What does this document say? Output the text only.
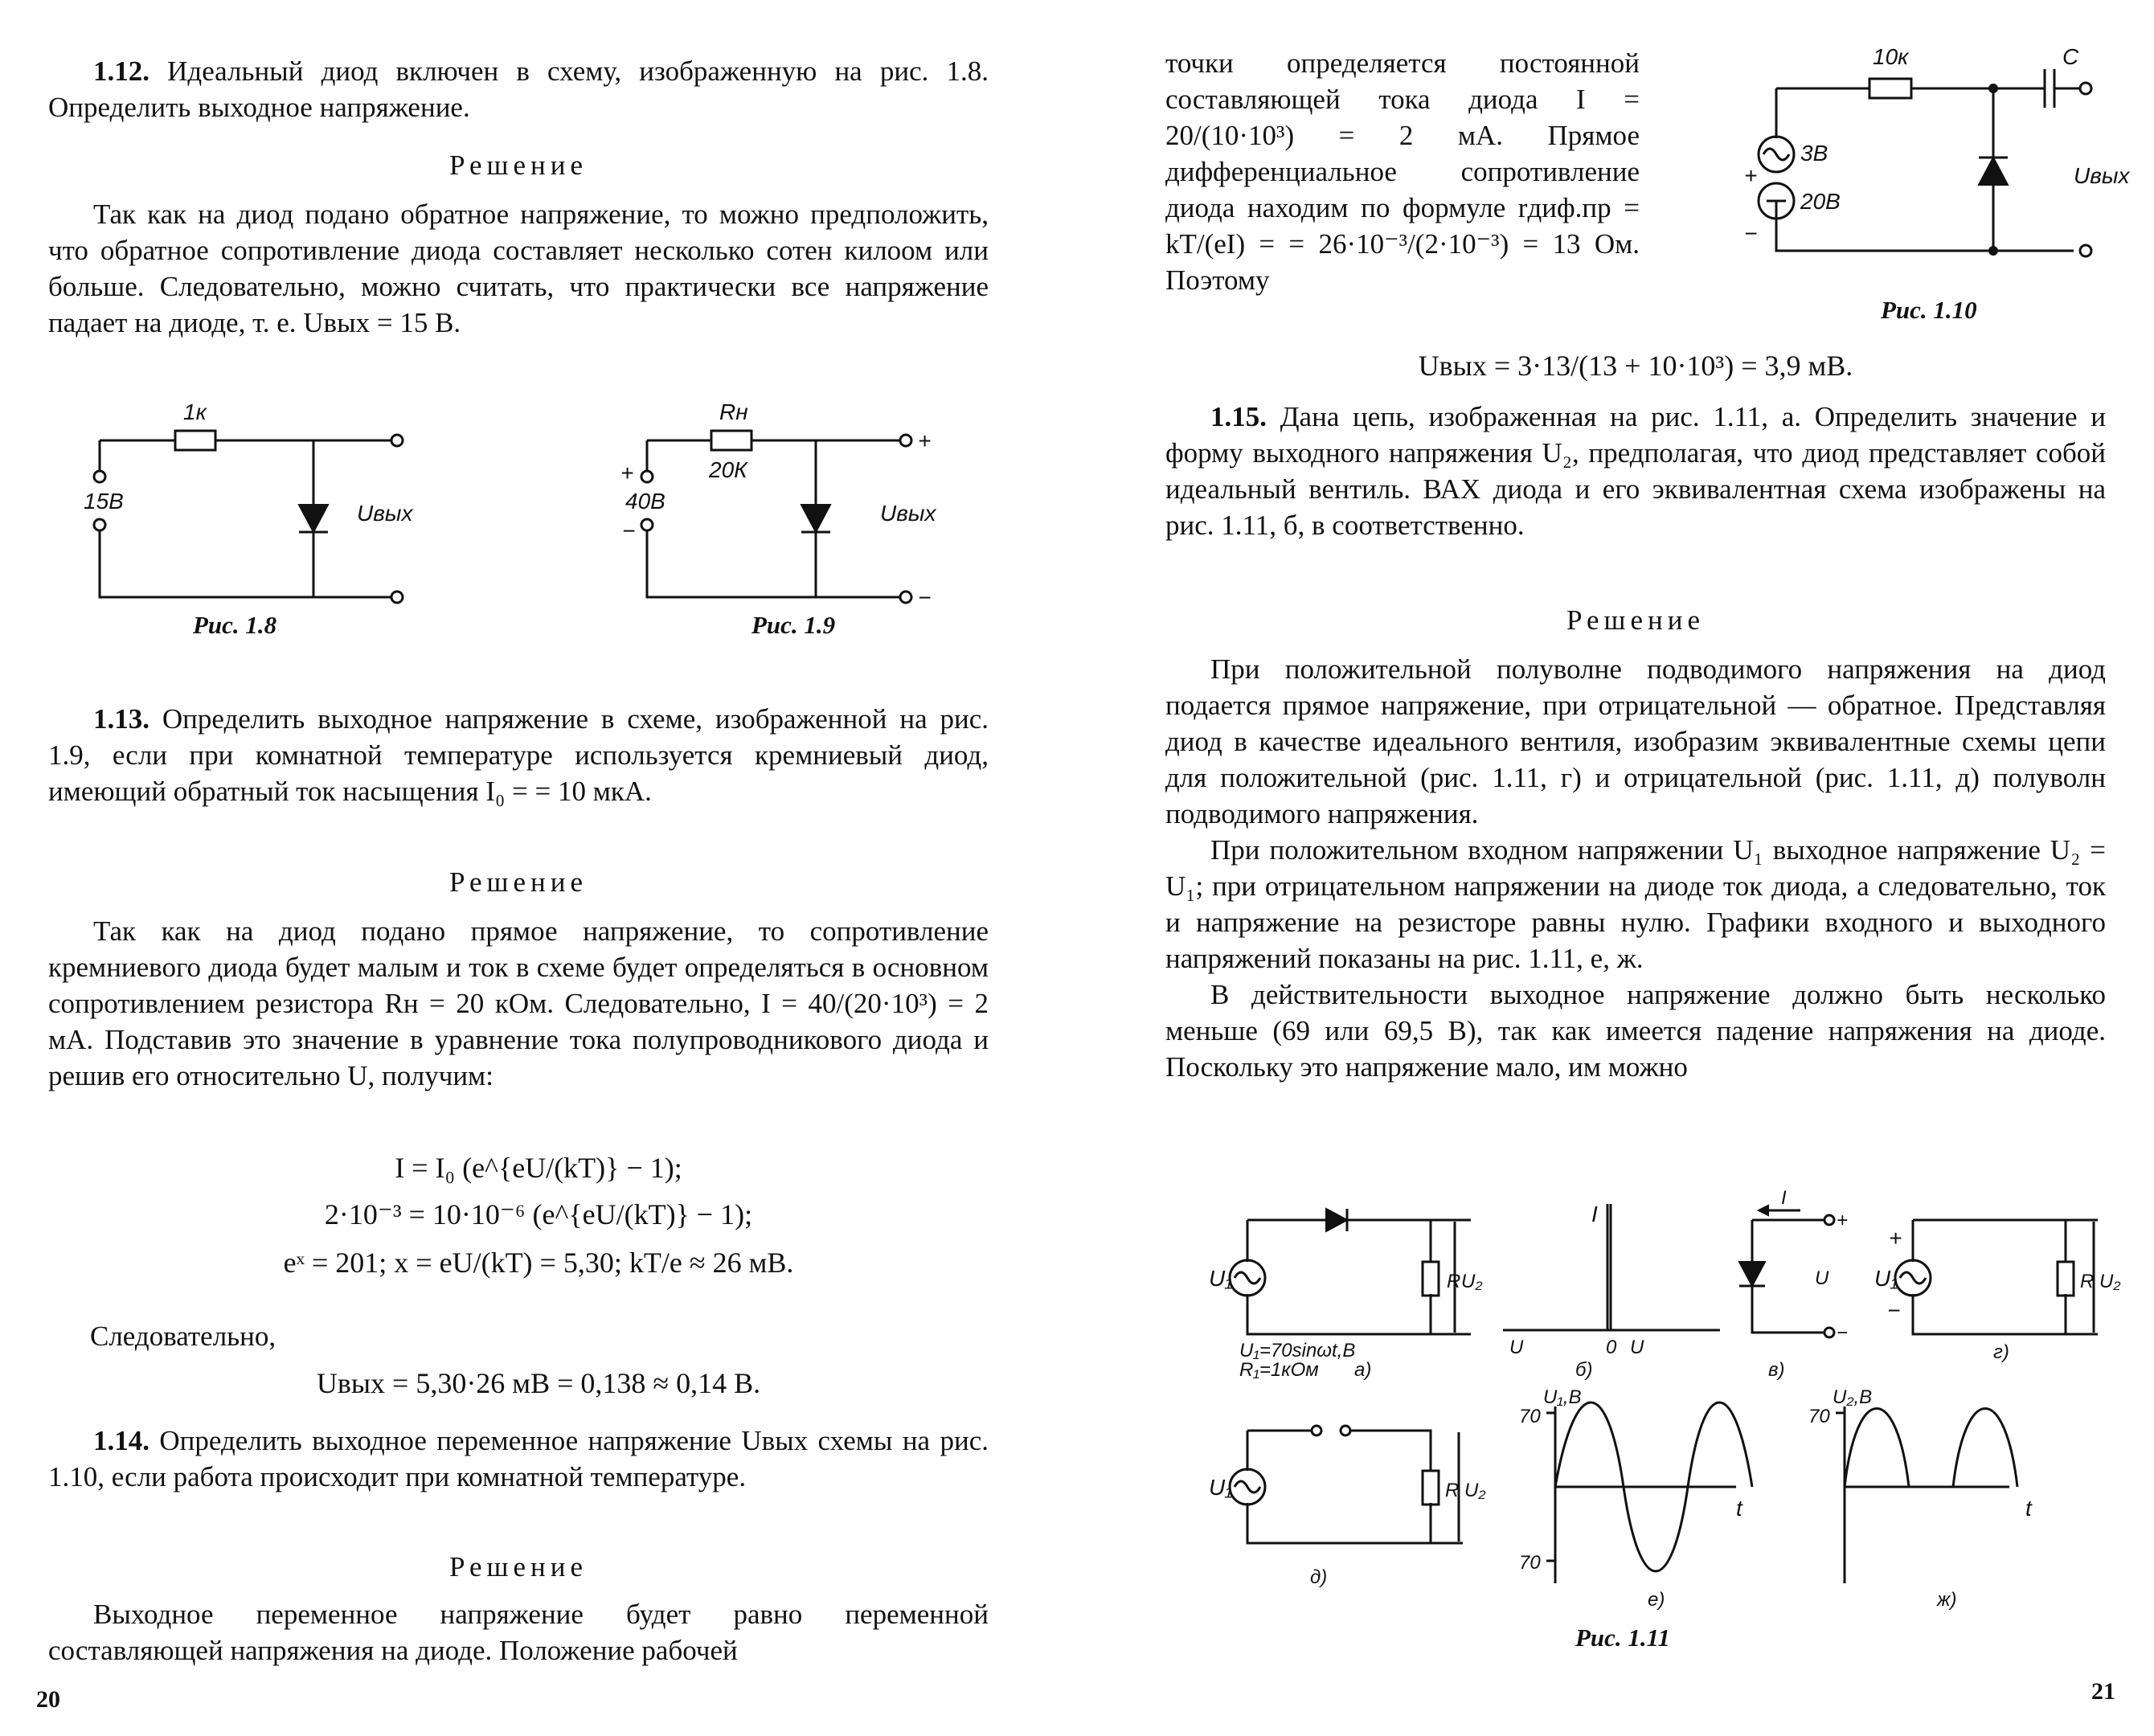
1.12. Идеальный диод включен в схему, изображенную на рис. 1.8. Определить выходное напряжение.

Решение

Так как на диод подано обратное напряжение, то можно предположить, что обратное сопротивление диода составляет несколько сотен килоом или больше. Следовательно, можно считать, что практически все напряжение падает на диоде, т. е. Uвых = 15 В.

1к
15В	Uвых
Рис. 1.8
Rн
20К
+
40В
−
+
−
Uвых
Рис. 1.9

1.13. Определить выходное напряжение в схеме, изображенной на рис. 1.9, если при комнатной температуре используется кремниевый диод, имеющий обратный ток насыщения I₀ = = 10 мкА.

Решение

Так как на диод подано прямое напряжение, то сопротивление кремниевого диода будет малым и ток в схеме будет определяться в основном сопротивлением резистора Rн = 20 кОм. Следовательно, I = 40/(20·10³) = 2 мА. Подставив это значение в уравнение тока полупроводникового диода и решив его относительно U, получим:

I = I₀ (e^{eU/(kT)} − 1);
2·10⁻³ = 10·10⁻⁶ (e^{eU/(kT)} − 1);
eˣ = 201; x = eU/(kT) = 5,30; kT/e ≈ 26 мВ.
Следовательно,
Uвых = 5,30·26 мВ = 0,138 ≈ 0,14 В.

1.14. Определить выходное переменное напряжение Uвых схемы на рис. 1.10, если работа происходит при комнатной температуре.

Решение

Выходное переменное напряжение будет равно переменной составляющей напряжения на диоде. Положение рабочей

20

точки определяется постоянной составляющей тока диода I = 20/(10·10³) = 2 мА. Прямое дифференциальное сопротивление диода находим по формуле rдиф.пр = kT/(eI) = = 26·10⁻³/(2·10⁻³) = 13 Ом. Поэтому

10к	C
3В
20В
+
−
Uвых
Рис. 1.10
Uвых = 3·13/(13 + 10·10³) = 3,9 мВ.

1.15. Дана цепь, изображенная на рис. 1.11, а. Определить значение и форму выходного напряжения U₂, предполагая, что диод представляет собой идеальный вентиль. ВАХ диода и его эквивалентная схема изображены на рис. 1.11, б, в соответственно.

Решение

При положительной полуволне подводимого напряжения на диод подается прямое напряжение, при отрицательной — обратное. Представляя диод в качестве идеального вентиля, изобразим эквивалентные схемы цепи для положительной (рис. 1.11, г) и отрицательной (рис. 1.11, д) полуволн подводимого напряжения.

При положительном входном напряжении U₁ выходное напряжение U₂ = U₁; при отрицательном напряжении на диоде ток диода, а следовательно, ток и напряжение на резисторе равны нулю. Графики входного и выходного напряжений показаны на рис. 1.11, е, ж.

В действительности выходное напряжение должно быть несколько меньше (69 или 69,5 В), так как имеется падение напряжения на диоде. Поскольку это напряжение мало, им можно

U₁	R U₂
U₁=70sinωt,В
R₁=1кОм а)
I
U	0 U
б)
I
+
−
U
в)
+
−
U₁	R U₂
г)
U₁	R U₂
д)
U₁,В
70
70
t
е)
U₂,В
70
t
ж)
Рис. 1.11
21
